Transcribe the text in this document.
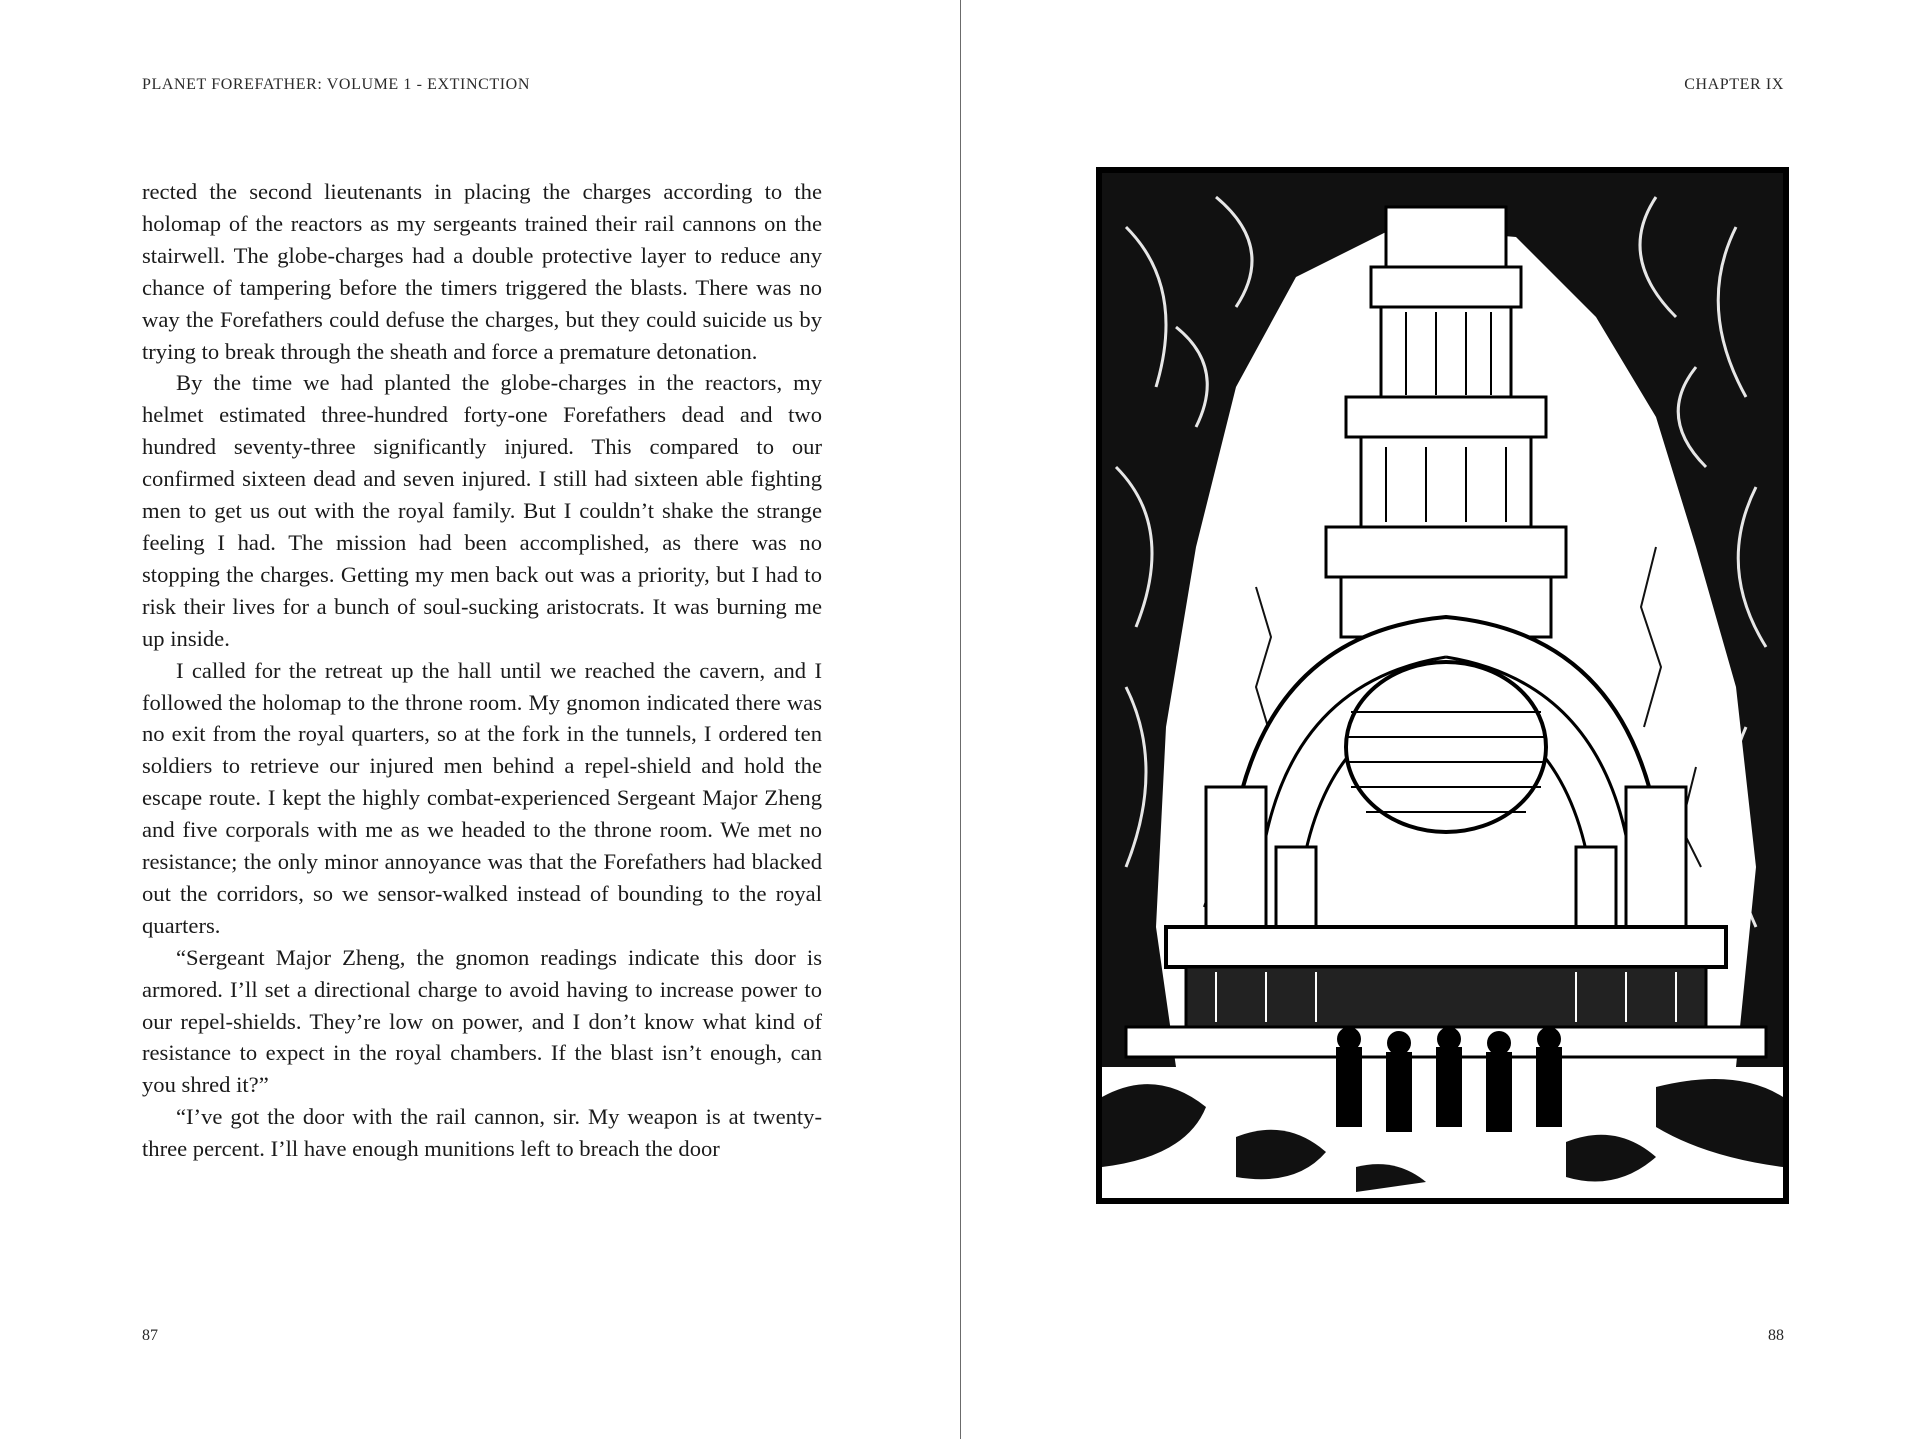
PLANET FOREFATHER: VOLUME 1 - EXTINCTION

rected the second lieutenants in placing the charges according to the holomap of the reactors as my sergeants trained their rail cannons on the stairwell. The globe-charges had a double protective layer to reduce any chance of tampering before the timers triggered the blasts. There was no way the Forefathers could defuse the charges, but they could suicide us by trying to break through the sheath and force a premature detonation.

By the time we had planted the globe-charges in the reactors, my helmet estimated three-hundred forty-one Forefathers dead and two hundred seventy-three significantly injured. This compared to our confirmed sixteen dead and seven injured. I still had sixteen able fighting men to get us out with the royal family. But I couldn’t shake the strange feeling I had. The mission had been accomplished, as there was no stopping the charges. Getting my men back out was a priority, but I had to risk their lives for a bunch of soul-sucking aristocrats. It was burning me up inside.

I called for the retreat up the hall until we reached the cavern, and I followed the holomap to the throne room. My gnomon indicated there was no exit from the royal quarters, so at the fork in the tunnels, I ordered ten soldiers to retrieve our injured men behind a repel-shield and hold the escape route. I kept the highly combat-experienced Sergeant Major Zheng and five corporals with me as we headed to the throne room. We met no resistance; the only minor annoyance was that the Forefathers had blacked out the corridors, so we sensor-walked instead of bounding to the royal quarters.

“Sergeant Major Zheng, the gnomon readings indicate this door is armored. I’ll set a directional charge to avoid having to increase power to our repel-shields. They’re low on power, and I don’t know what kind of resistance to expect in the royal chambers. If the blast isn’t enough, can you shred it?”

“I’ve got the door with the rail cannon, sir. My weapon is at twenty-three percent. I’ll have enough munitions left to breach the door

87
CHAPTER IX
88
